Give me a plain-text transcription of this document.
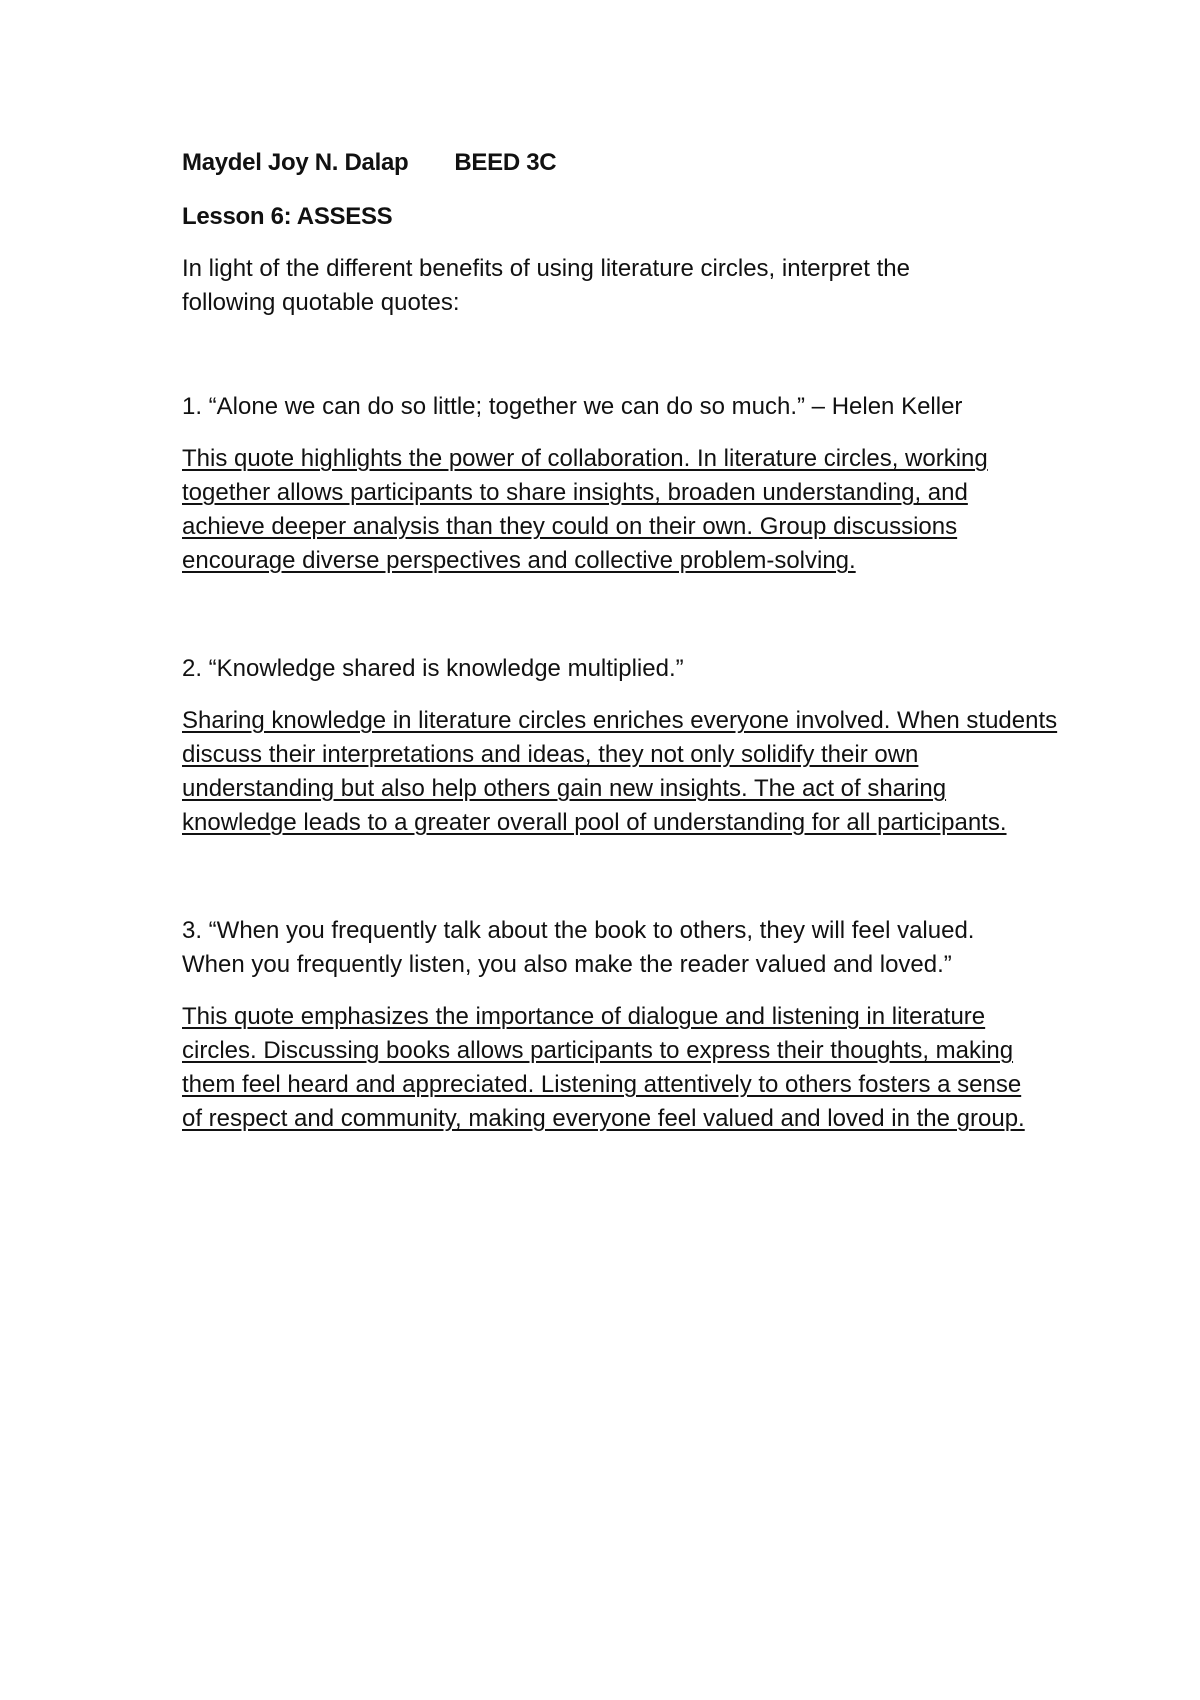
Maydel Joy N. Dalap BEED 3C

Lesson 6: ASSESS

In light of the different benefits of using literature circles, interpret the following quotable quotes:

1. “Alone we can do so little; together we can do so much.” – Helen Keller

This quote highlights the power of collaboration. In literature circles, working together allows participants to share insights, broaden understanding, and achieve deeper analysis than they could on their own. Group discussions encourage diverse perspectives and collective problem-solving.

2. “Knowledge shared is knowledge multiplied.”

Sharing knowledge in literature circles enriches everyone involved. When students discuss their interpretations and ideas, they not only solidify their own understanding but also help others gain new insights. The act of sharing knowledge leads to a greater overall pool of understanding for all participants.

3. “When you frequently talk about the book to others, they will feel valued. When you frequently listen, you also make the reader valued and loved.”

This quote emphasizes the importance of dialogue and listening in literature circles. Discussing books allows participants to express their thoughts, making them feel heard and appreciated. Listening attentively to others fosters a sense of respect and community, making everyone feel valued and loved in the group.
